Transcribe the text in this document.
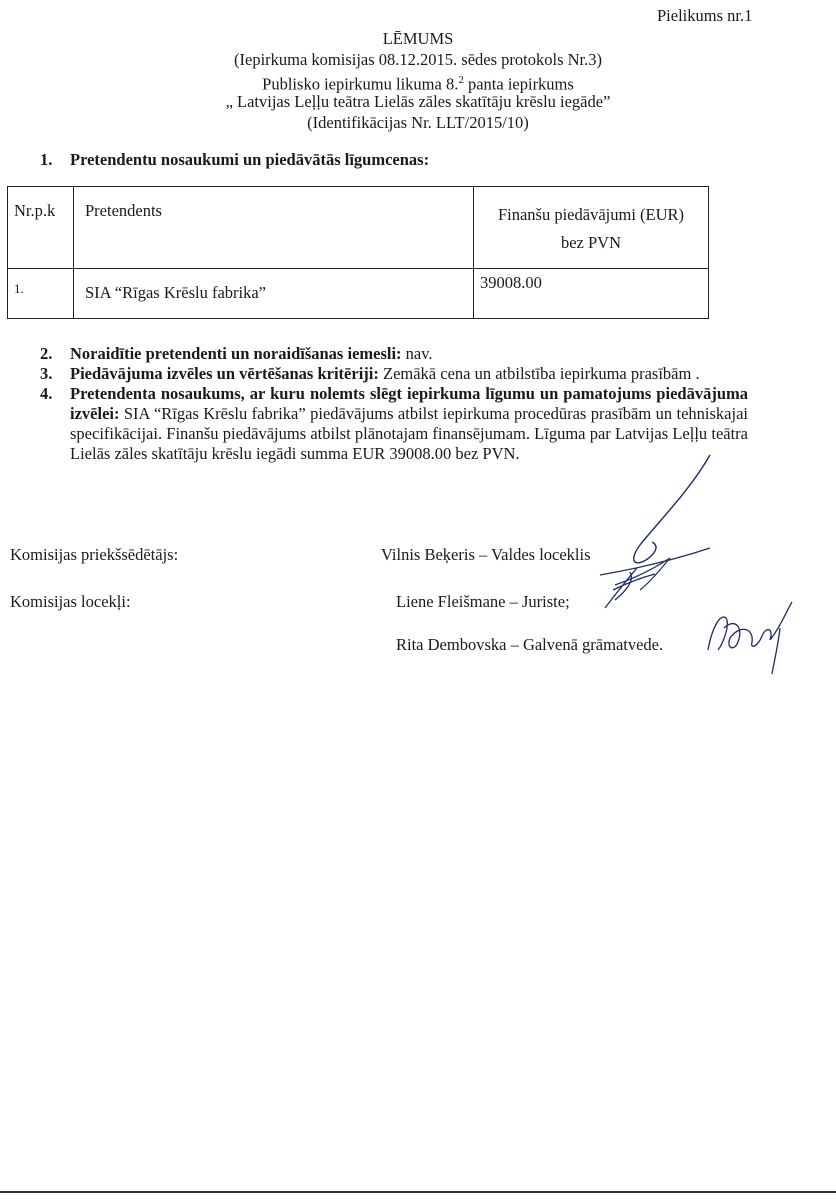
Pielikums nr.1
LĒMUMS
(Iepirkuma komisijas 08.12.2015. sēdes protokols Nr.3)
Publisko iepirkumu likuma 8.$^2$ panta iepirkums
„ Latvijas Leļļu teātra Lielās zāles skatītāju krēslu iegāde”
(Identifikācijas Nr. LLT/2015/10)
1. Pretendentu nosaukumi un piedāvātās līgumcenas:
Nr.p.k	Pretendents	Finanšu piedāvājumi (EUR)
bez PVN

1.	SIA “Rīgas Krēslu fabrika”	39008.00
2. Noraidītie pretendenti un noraidīšanas iemesli: nav.
3. Piedāvājuma izvēles un vērtēšanas kritēriji: Zemākā cena un atbilstība iepirkuma prasībām .
4. Pretendenta nosaukums, ar kuru nolemts slēgt iepirkuma līgumu un pamatojums piedāvājuma izvēlei: SIA “Rīgas Krēslu fabrika” piedāvājums atbilst iepirkuma procedūras prasībām un tehniskajai specifikācijai. Finanšu piedāvājums atbilst plānotajam finansējumam. Līguma par Latvijas Leļļu teātra Lielās zāles skatītāju krēslu iegādi summa EUR 39008.00 bez PVN.
Komisijas priekšsēdētājs:	Vilnis Beķeris – Valdes loceklis
Komisijas locekļi:	Liene Fleišmane – Juriste;
Rita Dembovska – Galvenā grāmatvede.
